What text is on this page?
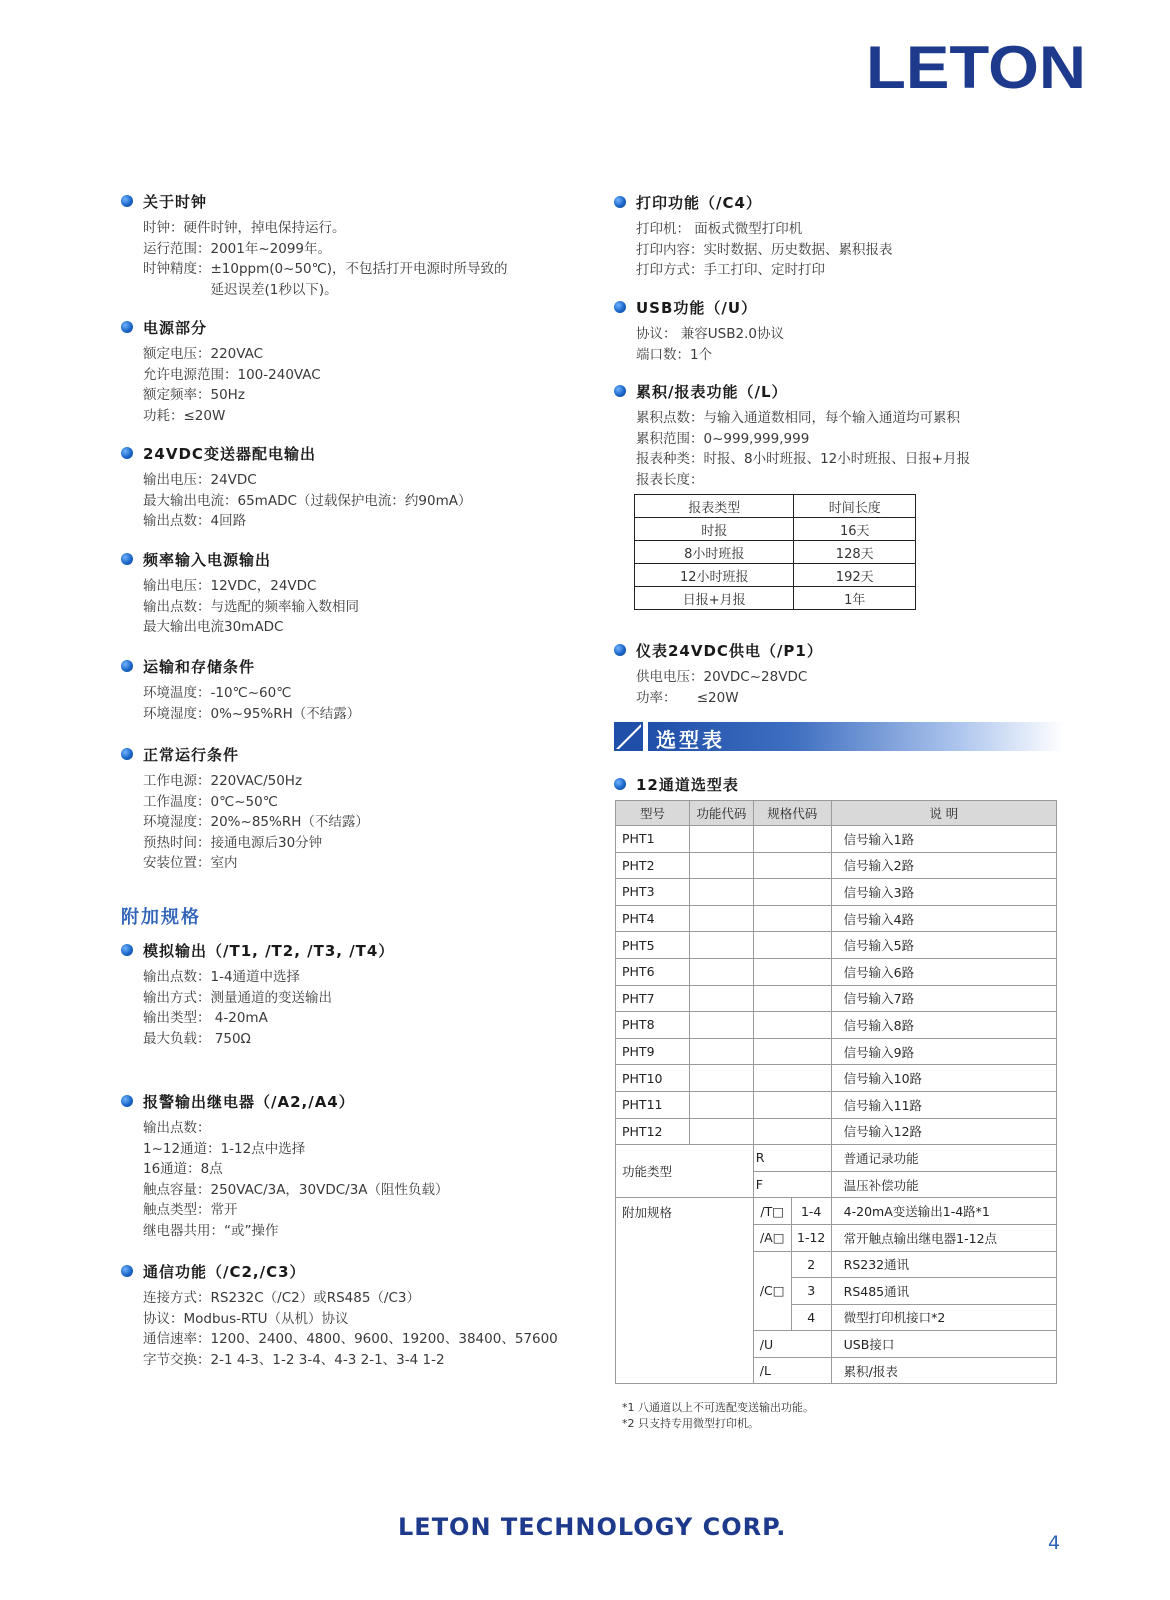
LETON
关于时钟
时钟：硬件时钟，掉电保持运行。
运行范围：2001年~2099年。
时钟精度：±10ppm(0~50℃)，不包括打开电源时所导致的
　　　　　延迟误差(1秒以下)。
电源部分
额定电压：220VAC
允许电源范围：100-240VAC
额定频率：50Hz
功耗：≤20W
24VDC变送器配电输出
输出电压：24VDC
最大输出电流：65mADC（过载保护电流：约90mA）
输出点数：4回路
频率输入电源输出
输出电压：12VDC，24VDC
输出点数：与选配的频率输入数相同
最大输出电流30mADC
运输和存储条件
环境温度：-10℃~60℃
环境湿度：0%~95%RH（不结露）
正常运行条件
工作电源：220VAC/50Hz
工作温度：0℃~50℃
环境湿度：20%~85%RH（不结露）
预热时间：接通电源后30分钟
安装位置：室内
附加规格
模拟输出（/T1, /T2, /T3, /T4）
输出点数：1-4通道中选择
输出方式：测量通道的变送输出
输出类型： 4-20mA
最大负载： 750Ω
报警输出继电器（/A2,/A4）
输出点数：
1~12通道：1-12点中选择
16通道：8点
触点容量：250VAC/3A，30VDC/3A（阻性负载）
触点类型：常开
继电器共用：“或”操作
通信功能（/C2,/C3）
连接方式：RS232C（/C2）或RS485（/C3）
协议：Modbus-RTU（从机）协议
通信速率：1200、2400、4800、9600、19200、38400、57600
字节交换：2-1 4-3、1-2 3-4、4-3 2-1、3-4 1-2
打印功能（/C4）
打印机： 面板式微型打印机
打印内容：实时数据、历史数据、累积报表
打印方式：手工打印、定时打印
USB功能（/U）
协议： 兼容USB2.0协议
端口数：1个
累积/报表功能（/L）
累积点数：与输入通道数相同，每个输入通道均可累积
累积范围：0~999,999,999
报表种类：时报、8小时班报、12小时班报、日报+月报
报表长度：
报表类型	时间长度
时报	16天
8小时班报	128天
12小时班报	192天
日报+月报	1年
仪表24VDC供电（/P1）
供电电压：20VDC~28VDC
功率：　　≤20W
选型表
12通道选型表
型号	功能代码	规格代码		说 明
PHT1				信号输入1路
PHT2				信号输入2路
PHT3				信号输入3路
PHT4				信号输入4路
PHT5				信号输入5路
PHT6				信号输入6路
PHT7				信号输入7路
PHT8				信号输入8路
PHT9				信号输入9路
PHT10				信号输入10路
PHT11				信号输入11路
PHT12				信号输入12路
功能类型		R		普通记录功能
		F		温压补偿功能
附加规格		/T□	1-4	4-20mA变送输出1-4路*1
		/A□	1-12	常开触点输出继电器1-12点
		/C□	2	RS232通讯
			3	RS485通讯
			4	微型打印机接口*2
		/U		USB接口
		/L		累积/报表
*1 八通道以上不可选配变送输出功能。
*2 只支持专用微型打印机。
LETON TECHNOLOGY CORP.
4
